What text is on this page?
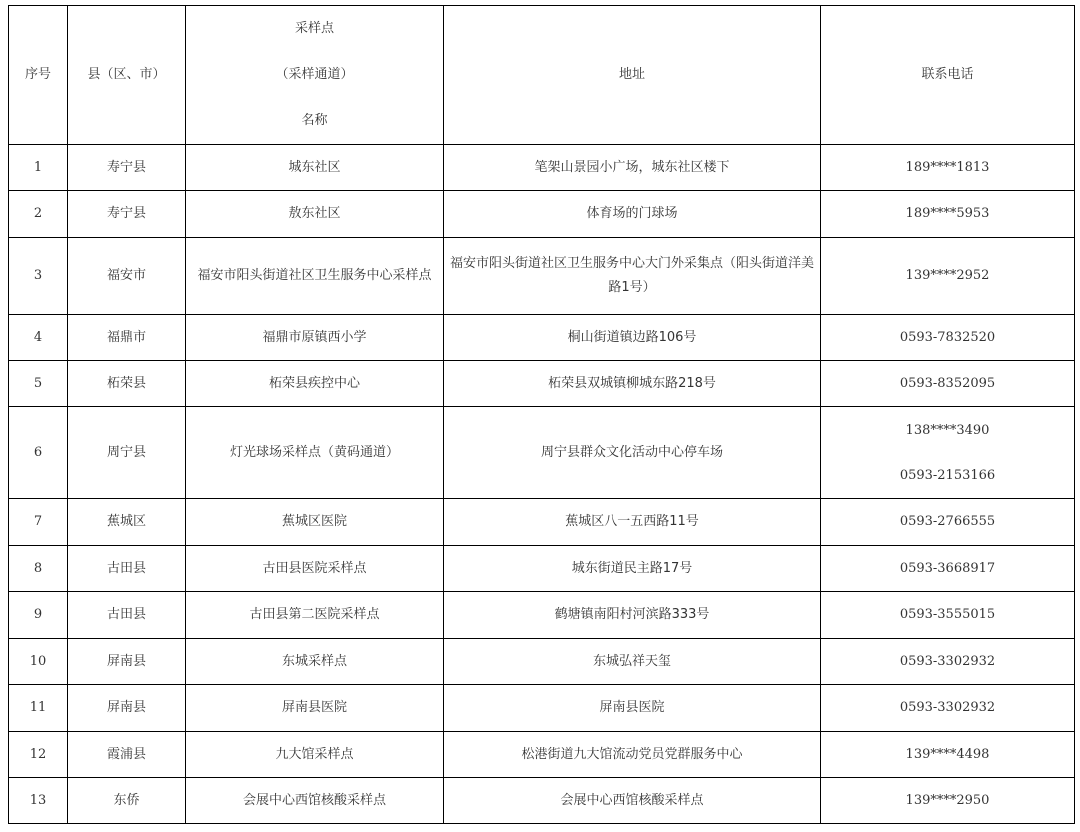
序号	县（区、市）	采样点
（采样通道）
名称	地址	联系电话
1	寿宁县	城东社区	笔架山景园小广场，城东社区楼下	189****1813
2	寿宁县	敖东社区	体育场的门球场	189****5953
3	福安市	福安市阳头街道社区卫生服务中心采样点	福安市阳头街道社区卫生服务中心大门外采集点（阳头街道洋美路1号）	139****2952
4	福鼎市	福鼎市原镇西小学	桐山街道镇边路106号	0593-7832520
5	柘荣县	柘荣县疾控中心	柘荣县双城镇柳城东路218号	0593-8352095
6	周宁县	灯光球场采样点（黄码通道）	周宁县群众文化活动中心停车场	138****3490
0593-2153166

7	蕉城区	蕉城区医院	蕉城区八一五西路11号	0593-2766555
8	古田县	古田县医院采样点	城东街道民主路17号	0593-3668917
9	古田县	古田县第二医院采样点	鹤塘镇南阳村河滨路333号	0593-3555015
10	屏南县	东城采样点	东城弘祥天玺	0593-3302932
11	屏南县	屏南县医院	屏南县医院	0593-3302932
12	霞浦县	九大馆采样点	松港街道九大馆流动党员党群服务中心	139****4498
13	东侨	会展中心西馆核酸采样点	会展中心西馆核酸采样点	139****2950
